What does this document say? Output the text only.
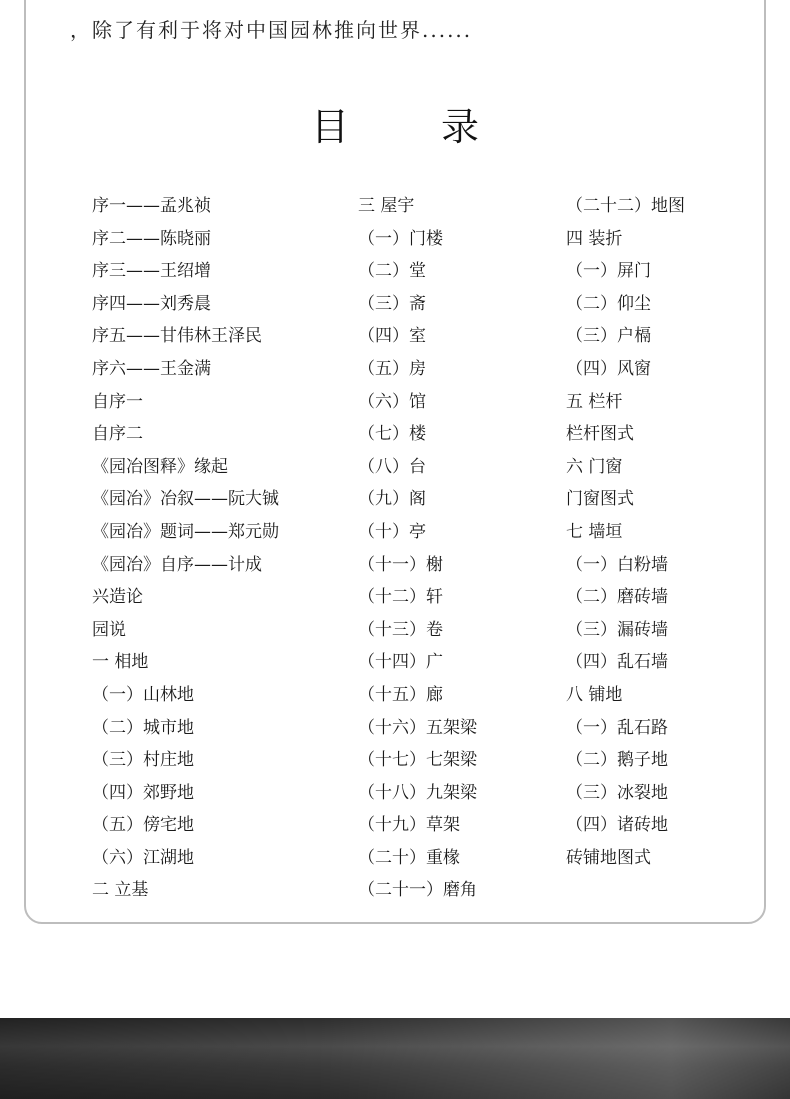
，除了有利于将对中国园林推向世界......
目 录
序一——孟兆祯
序二——陈晓丽
序三——王绍增
序四——刘秀晨
序五——甘伟林王泽民
序六——王金满
自序一
自序二
《园冶图释》缘起
《园冶》冶叙——阮大铖
《园冶》题词——郑元勋
《园冶》自序——计成
兴造论
园说
一 相地
（一）山林地
（二）城市地
（三）村庄地
（四）郊野地
（五）傍宅地
（六）江湖地
二 立基
三 屋宇
（一）门楼
（二）堂
（三）斋
（四）室
（五）房
（六）馆
（七）楼
（八）台
（九）阁
（十）亭
（十一）榭
（十二）轩
（十三）卷
（十四）广
（十五）廊
（十六）五架梁
（十七）七架梁
（十八）九架梁
（十九）草架
（二十）重椽
（二十一）磨角
（二十二）地图
四 装折
（一）屏门
（二）仰尘
（三）户槅
（四）风窗
五 栏杆
栏杆图式
六 门窗
门窗图式
七 墙垣
（一）白粉墙
（二）磨砖墙
（三）漏砖墙
（四）乱石墙
八 铺地
（一）乱石路
（二）鹅子地
（三）冰裂地
（四）诸砖地
砖铺地图式
